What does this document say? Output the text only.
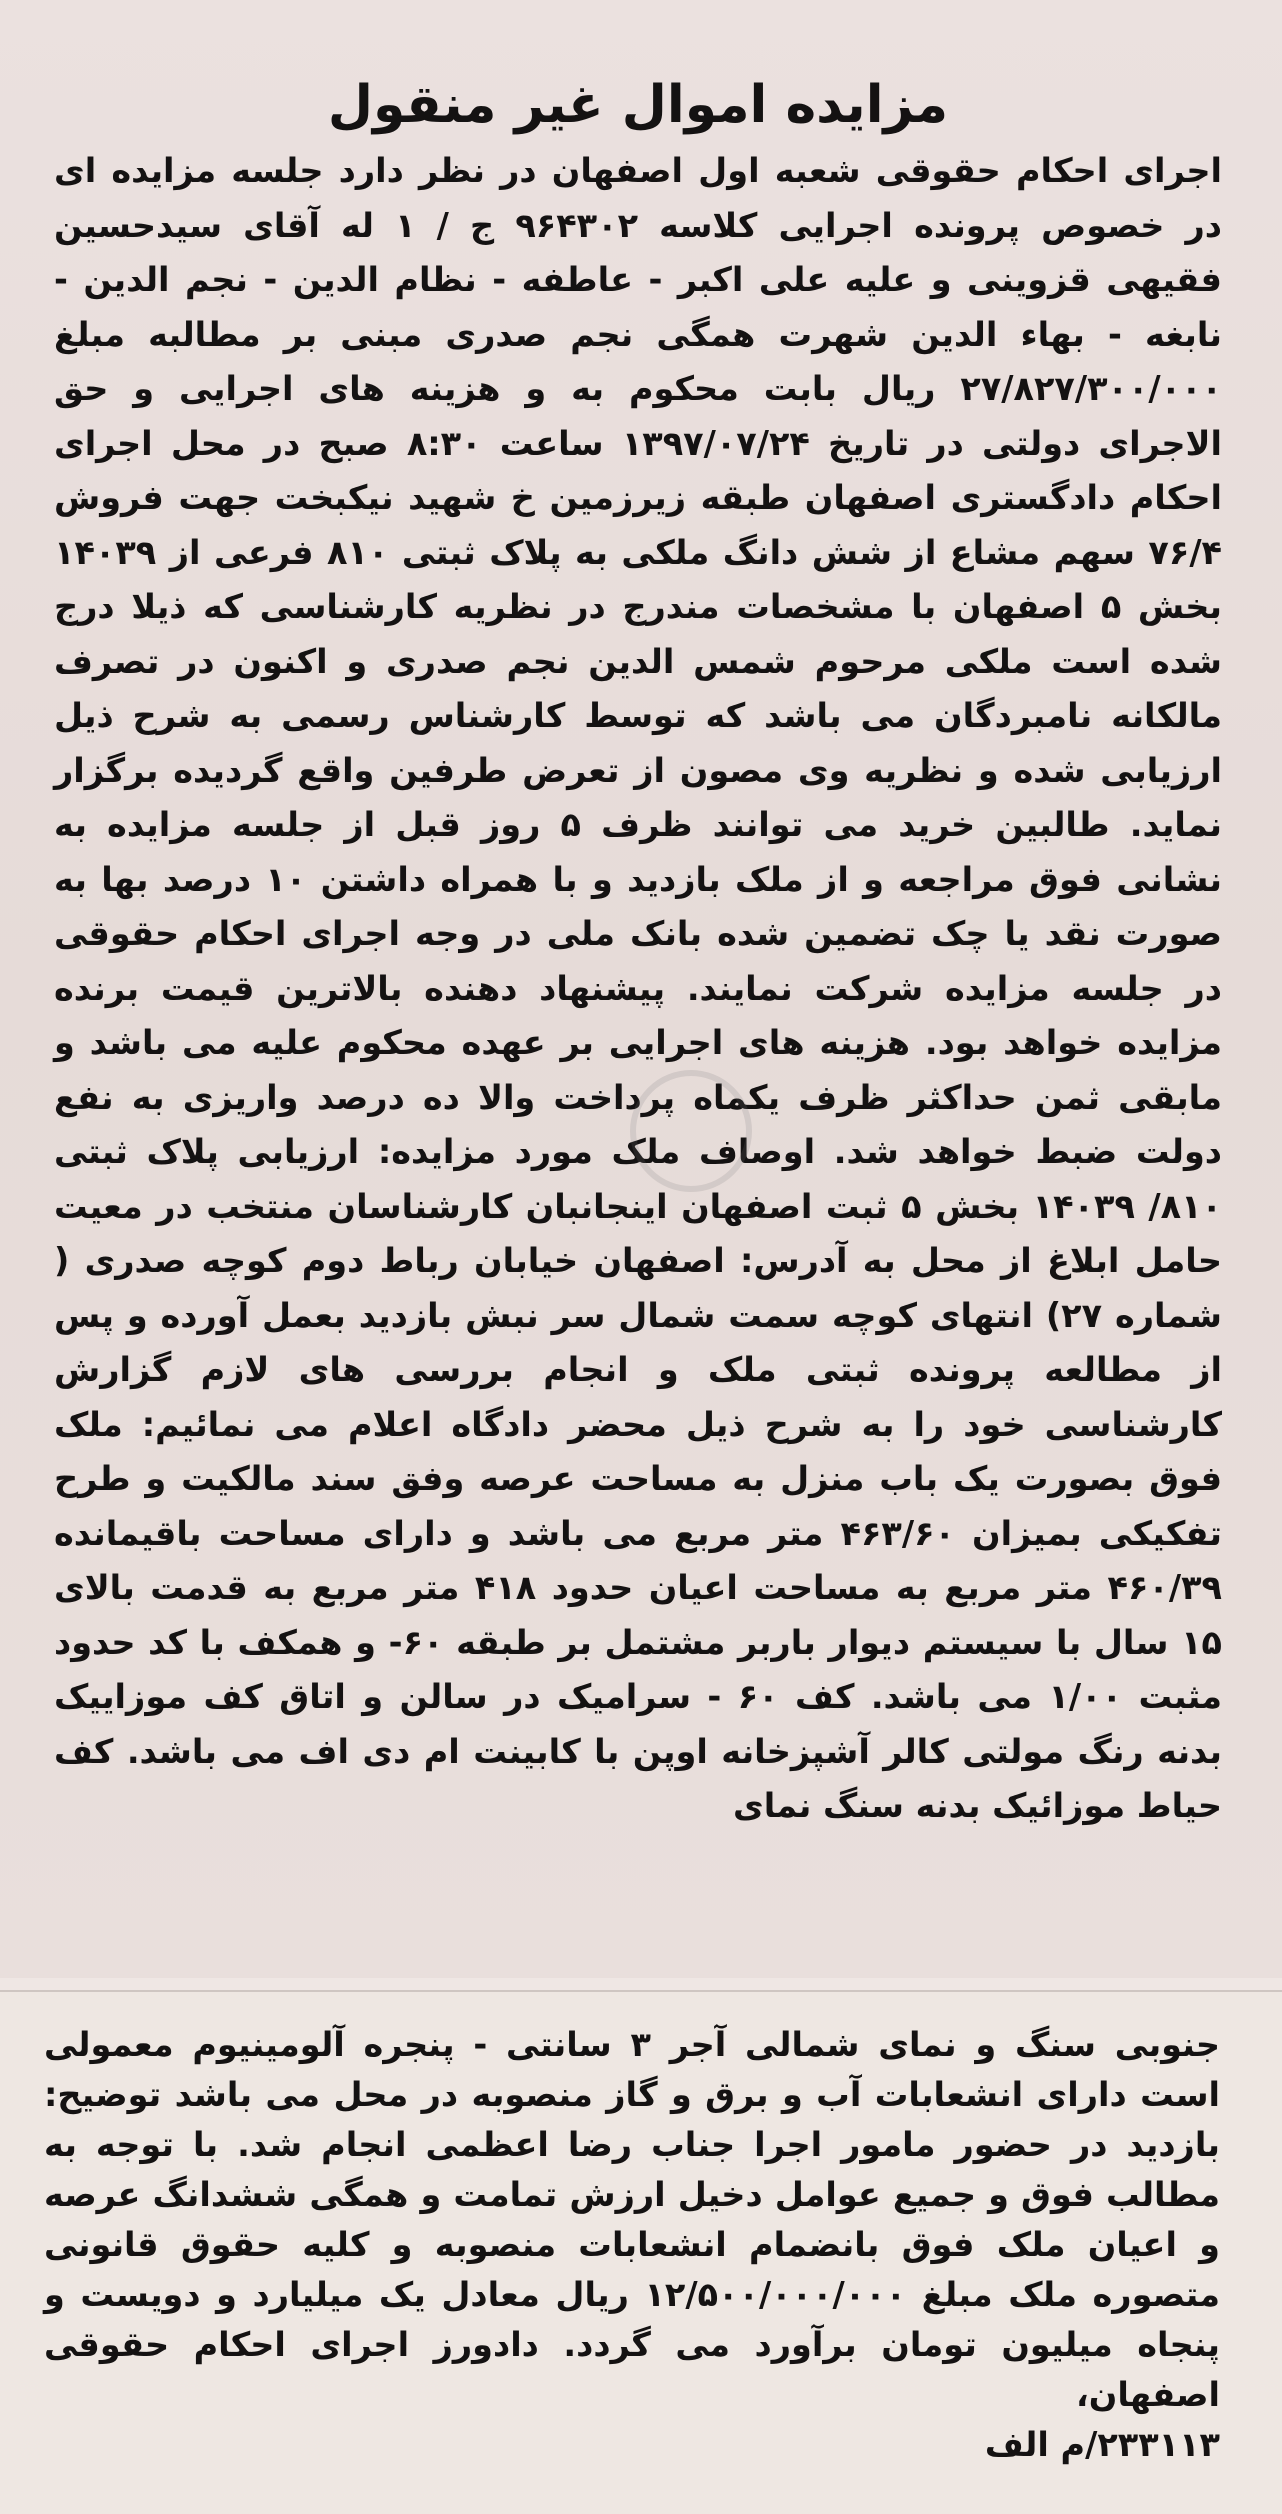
مزایده اموال غیر منقول

اجرای احکام حقوقی شعبه اول اصفهان در نظر دارد جلسه مزایده ای در خصوص پرونده اجرایی کلاسه ۹۶۴۳۰۲ ج / ۱ له آقای سیدحسین فقیهی قزوینی و علیه علی اکبر - عاطفه - نظام الدین - نجم الدین - نابغه - بهاء الدین شهرت همگی نجم صدری مبنی بر مطالبه مبلغ ۲۷/۸۲۷/۳۰۰/۰۰۰ ریال بابت محکوم به و هزینه های اجرایی و حق الاجرای دولتی در تاریخ ۱۳۹۷/۰۷/۲۴ ساعت ۸:۳۰ صبح در محل اجرای احکام دادگستری اصفهان طبقه زیرزمین خ شهید نیکبخت جهت فروش ۷۶/۴ سهم مشاع از شش دانگ ملکی به پلاک ثبتی ۸۱۰ فرعی از ۱۴۰۳۹ بخش ۵ اصفهان با مشخصات مندرج در نظریه کارشناسی که ذیلا درج شده است ملکی مرحوم شمس الدین نجم صدری و اکنون در تصرف مالکانه نامبردگان می باشد که توسط کارشناس رسمی به شرح ذیل ارزیابی شده و نظریه وی مصون از تعرض طرفین واقع گردیده برگزار نماید. طالبین خرید می توانند ظرف ۵ روز قبل از جلسه مزایده به نشانی فوق مراجعه و از ملک بازدید و با همراه داشتن ۱۰ درصد بها به صورت نقد یا چک تضمین شده بانک ملی در وجه اجرای احکام حقوقی در جلسه مزایده شرکت نمایند. پیشنهاد دهنده بالاترین قیمت برنده مزایده خواهد بود. هزینه های اجرایی بر عهده محکوم علیه می باشد و مابقی ثمن حداکثر ظرف یکماه پرداخت والا ده درصد واریزی به نفع دولت ضبط خواهد شد. اوصاف ملک مورد مزایده: ارزیابی پلاک ثبتی ۸۱۰/ ۱۴۰۳۹ بخش ۵ ثبت اصفهان اینجانبان کارشناسان منتخب در معیت حامل ابلاغ از محل به آدرس: اصفهان خیابان رباط دوم کوچه صدری ( شماره ۲۷) انتهای کوچه سمت شمال سر نبش بازدید بعمل آورده و پس از مطالعه پرونده ثبتی ملک و انجام بررسی های لازم گزارش کارشناسی خود را به شرح ذیل محضر دادگاه اعلام می نمائیم: ملک فوق بصورت یک باب منزل به مساحت عرصه وفق سند مالکیت و طرح تفکیکی بمیزان ۴۶۳/۶۰ متر مربع می باشد و دارای مساحت باقیمانده ۴۶۰/۳۹ متر مربع به مساحت اعیان حدود ۴۱۸ متر مربع به قدمت بالای ۱۵ سال با سیستم دیوار باربر مشتمل بر طبقه ۶۰- و همکف با کد حدود مثبت ۱/۰۰ می باشد. کف ۶۰ - سرامیک در سالن و اتاق کف موزاییک بدنه رنگ مولتی کالر آشپزخانه اوپن با کابینت ام دی اف می باشد. کف حیاط موزائیک بدنه سنگ نمای

جنوبی سنگ و نمای شمالی آجر ۳ سانتی - پنجره آلومینیوم معمولی است دارای انشعابات آب و برق و گاز منصوبه در محل می باشد توضیح: بازدید در حضور مامور اجرا جناب رضا اعظمی انجام شد. با توجه به مطالب فوق و جمیع عوامل دخیل ارزش تمامت و همگی ششدانگ عرصه و اعیان ملک فوق بانضمام انشعابات منصوبه و کلیه حقوق قانونی متصوره ملک مبلغ ۱۲/۵۰۰/۰۰۰/۰۰۰ ریال معادل یک میلیارد و دویست و پنجاه میلیون تومان برآورد می گردد. دادورز اجرای احکام حقوقی اصفهان،

۲۳۳۱۱۳/م الف
